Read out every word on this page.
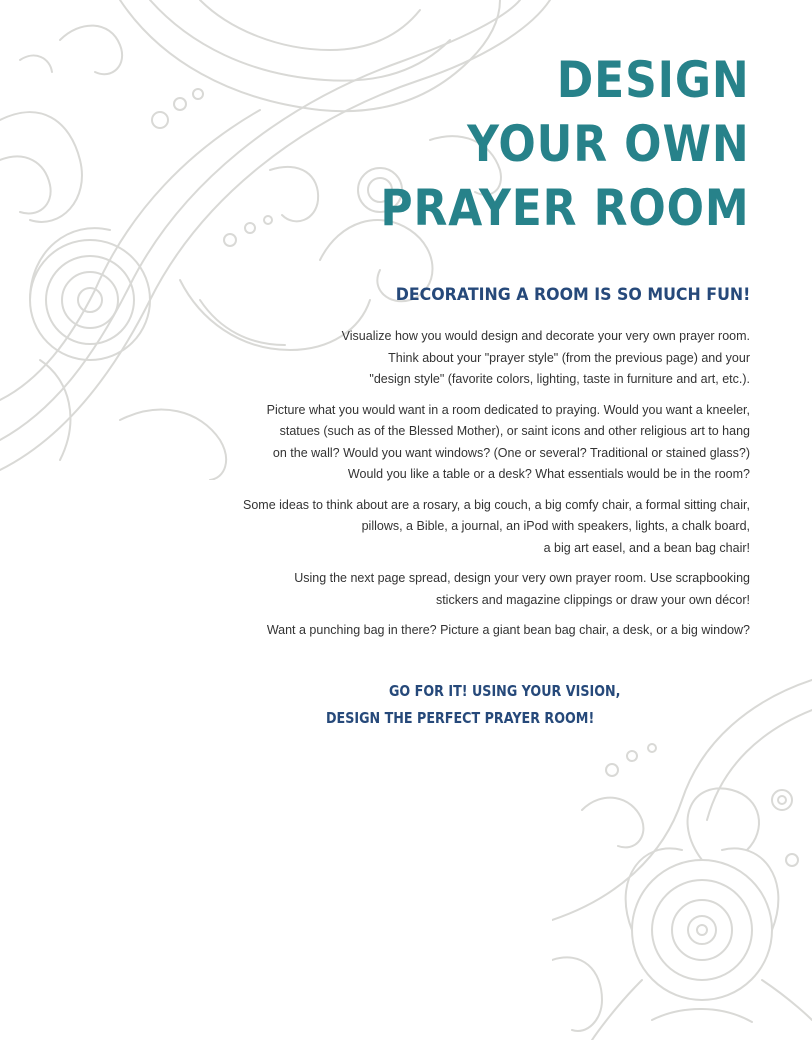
DESIGN
YOUR OWN
PRAYER ROOM
DECORATING A ROOM IS SO MUCH FUN!

Visualize how you would design and decorate your very own prayer room.
Think about your "prayer style" (from the previous page) and your
"design style" (favorite colors, lighting, taste in furniture and art, etc.).

Picture what you would want in a room dedicated to praying. Would you want a kneeler,
statues (such as of the Blessed Mother), or saint icons and other religious art to hang
on the wall? Would you want windows? (One or several? Traditional or stained glass?)
Would you like a table or a desk? What essentials would be in the room?

Some ideas to think about are a rosary, a big couch, a big comfy chair, a formal sitting chair,
pillows, a Bible, a journal, an iPod with speakers, lights, a chalk board,
a big art easel, and a bean bag chair!

Using the next page spread, design your very own prayer room. Use scrapbooking
stickers and magazine clippings or draw your own décor!

Want a punching bag in there? Picture a giant bean bag chair, a desk, or a big window?

GO FOR IT! USING YOUR VISION,
DESIGN THE PERFECT PRAYER ROOM!
